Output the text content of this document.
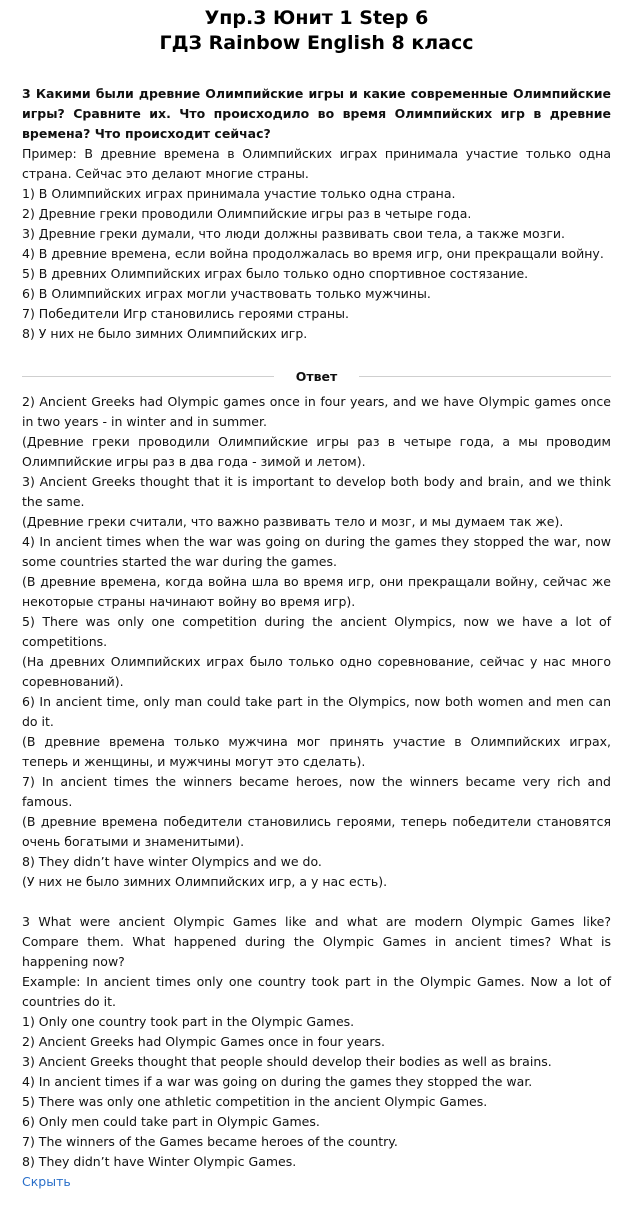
Упр.3 Юнит 1 Step 6
ГДЗ Rainbow English 8 класс
3 Какими были древние Олимпийские игры и какие современные Олимпийские игры? Сравните их. Что происходило во время Олимпийских игр в древние времена? Что происходит сейчас?
Пример: В древние времена в Олимпийских играх принимала участие только одна страна. Сейчас это делают многие страны.
1) В Олимпийских играх принимала участие только одна страна.
2) Древние греки проводили Олимпийские игры раз в четыре года.
3) Древние греки думали, что люди должны развивать свои тела, а также мозги.
4) В древние времена, если война продолжалась во время игр, они прекращали войну.
5) В древних Олимпийских играх было только одно спортивное состязание.
6) В Олимпийских играх могли участвовать только мужчины.
7) Победители Игр становились героями страны.
8) У них не было зимних Олимпийских игр.
Ответ
2) Ancient Greeks had Olympic games once in four years, and we have Olympic games once in two years - in winter and in summer.
(Древние греки проводили Олимпийские игры раз в четыре года, а мы проводим Олимпийские игры раз в два года - зимой и летом).
3) Ancient Greeks thought that it is important to develop both body and brain, and we think the same.
(Древние греки считали, что важно развивать тело и мозг, и мы думаем так же).
4) In ancient times when the war was going on during the games they stopped the war, now some countries started the war during the games.
(В древние времена, когда война шла во время игр, они прекращали войну, сейчас же некоторые страны начинают войну во время игр).
5) There was only one competition during the ancient Olympics, now we have a lot of competitions.
(На древних Олимпийских играх было только одно соревнование, сейчас у нас много соревнований).
6) In ancient time, only man could take part in the Olympics, now both women and men can do it.
(В древние времена только мужчина мог принять участие в Олимпийских играх, теперь и женщины, и мужчины могут это сделать).
7) In ancient times the winners became heroes, now the winners became very rich and famous.
(В древние времена победители становились героями, теперь победители становятся очень богатыми и знаменитыми).
8) They didn’t have winter Olympics and we do.
(У них не было зимних Олимпийских игр, а у нас есть).
3 What were ancient Olympic Games like and what are modern Olympic Games like? Compare them. What happened during the Olympic Games in ancient times? What is happening now?
Example: In ancient times only one country took part in the Olympic Games. Now a lot of countries do it.
1) Only one country took part in the Olympic Games.
2) Ancient Greeks had Olympic Games once in four years.
3) Ancient Greeks thought that people should develop their bodies as well as brains.
4) In ancient times if a war was going on during the games they stopped the war.
5) There was only one athletic competition in the ancient Olympic Games.
6) Only men could take part in Olympic Games.
7) The winners of the Games became heroes of the country.
8) They didn’t have Winter Olympic Games.
Скрыть
